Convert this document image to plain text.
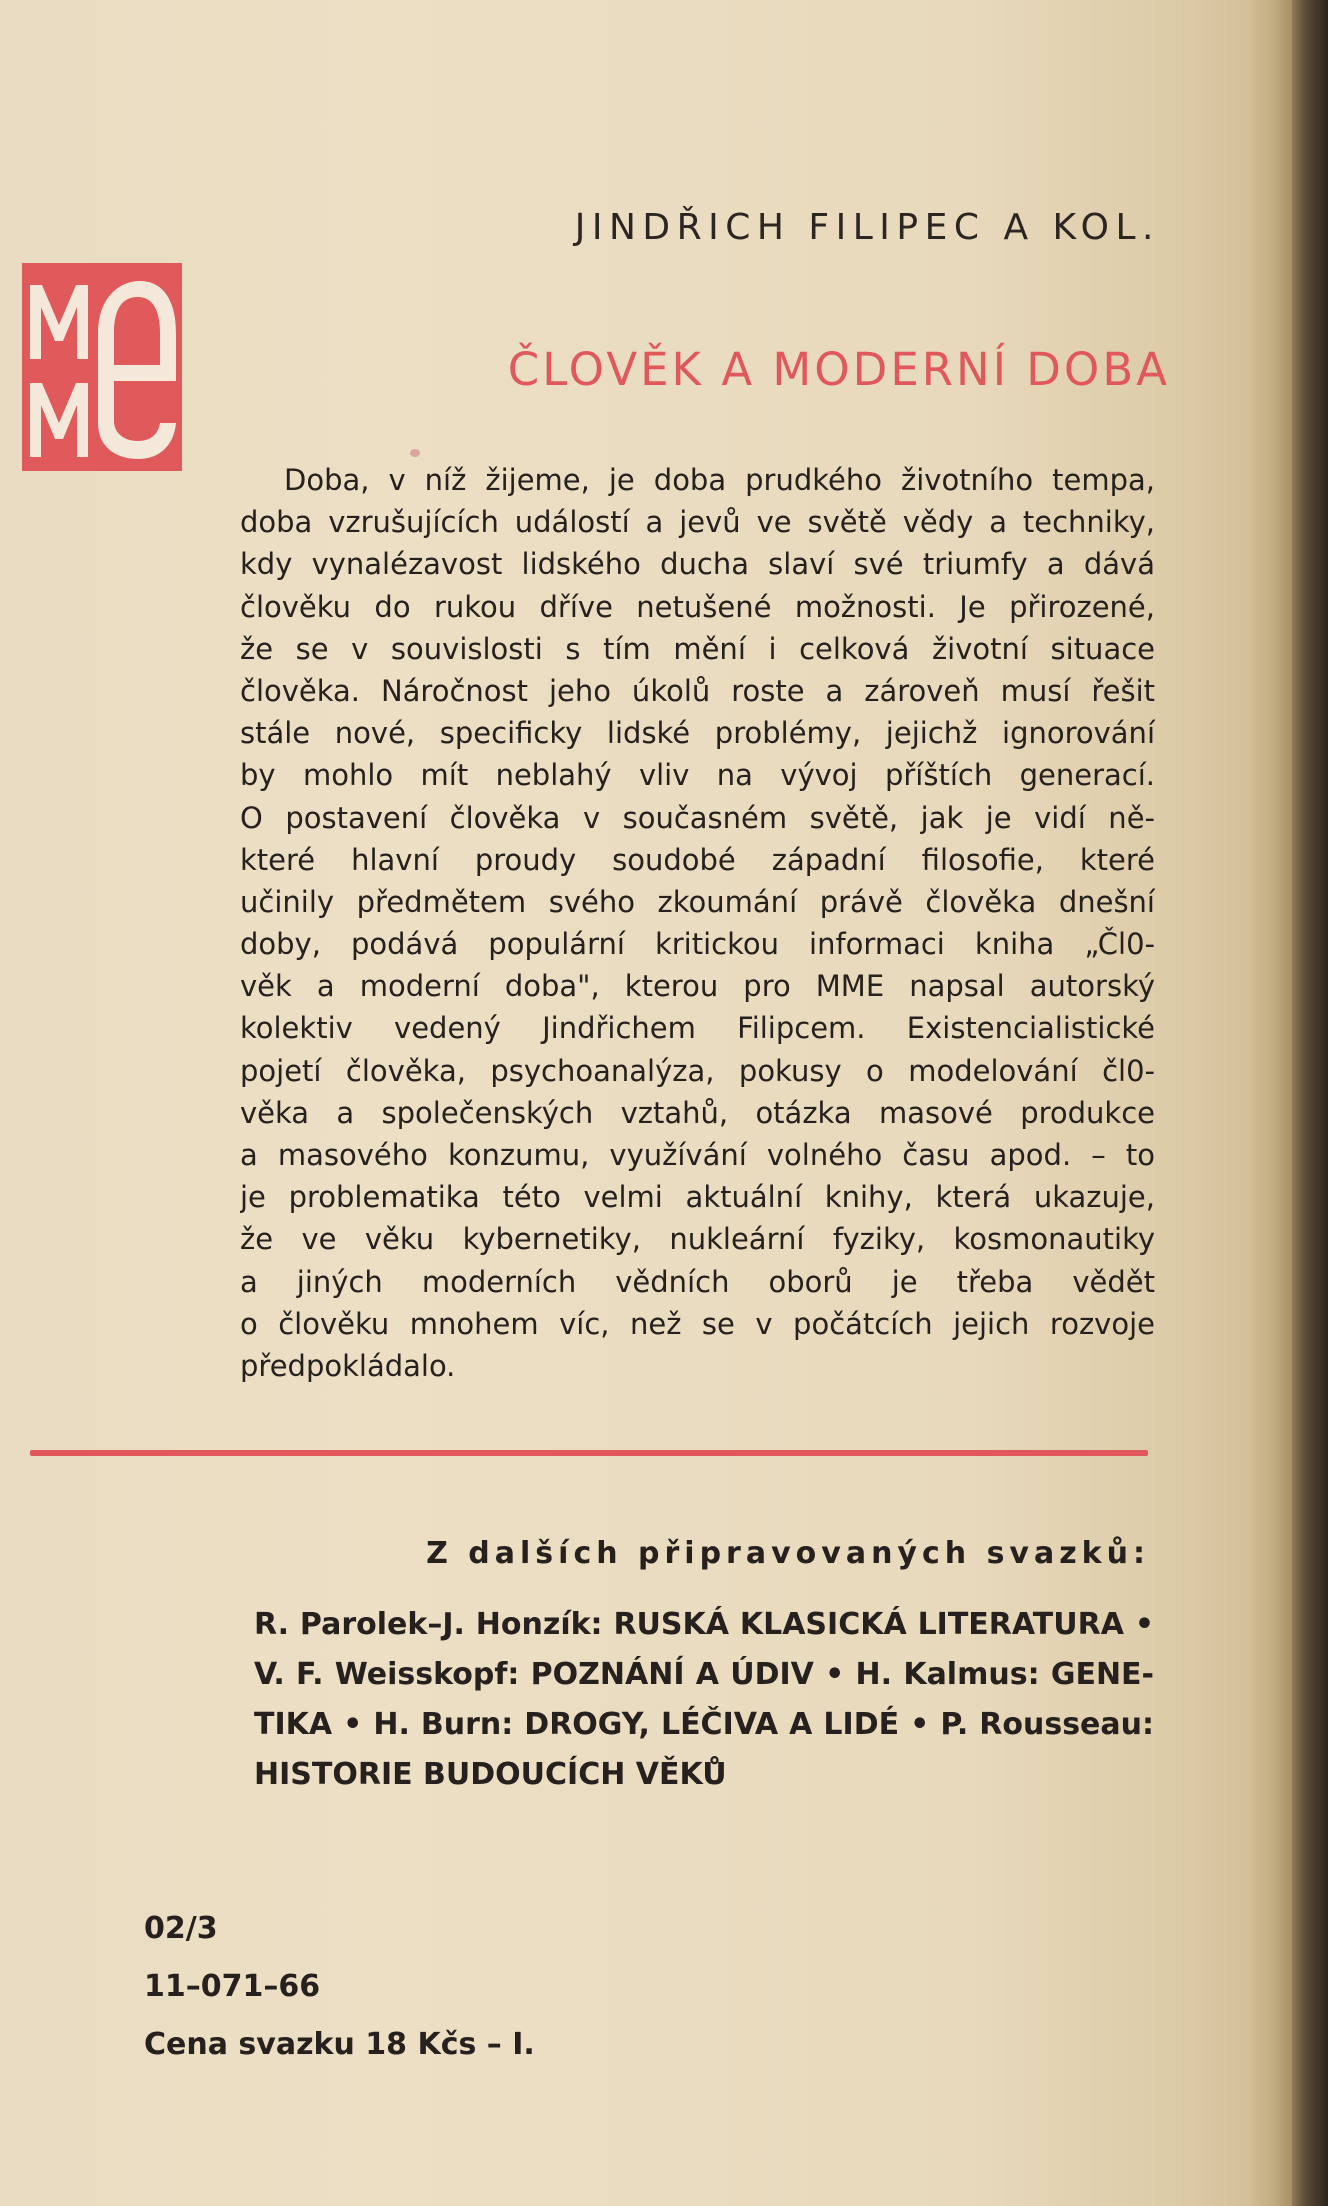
JINDŘICH FILIPEC A KOL.
ČLOVĚK A MODERNÍ DOBA
Doba, v níž žijeme, je doba prudkého životního tempa,
doba vzrušujících událostí a jevů ve světě vědy a techniky,
kdy vynalézavost lidského ducha slaví své triumfy a dává
člověku do rukou dříve netušené možnosti. Je přirozené,
že se v souvislosti s tím mění i celková životní situace
člověka. Náročnost jeho úkolů roste a zároveň musí řešit
stále nové, specificky lidské problémy, jejichž ignorování
by mohlo mít neblahý vliv na vývoj příštích generací.
O postavení člověka v současném světě, jak je vidí ně-
které hlavní proudy soudobé západní filosofie, které
učinily předmětem svého zkoumání právě člověka dnešní
doby, podává populární kritickou informaci kniha „Čl0-
věk a moderní doba", kterou pro MME napsal autorský
kolektiv vedený Jindřichem Filipcem. Existencialistické
pojetí člověka, psychoanalýza, pokusy o modelování čl0-
věka a společenských vztahů, otázka masové produkce
a masového konzumu, využívání volného času apod. – to
je problematika této velmi aktuální knihy, která ukazuje,
že ve věku kybernetiky, nukleární fyziky, kosmonautiky
a jiných moderních vědních oborů je třeba vědět
o člověku mnohem víc, než se v počátcích jejich rozvoje
předpokládalo.
Z dalších připravovaných svazků:
R. Parolek–J. Honzík: RUSKÁ KLASICKÁ LITERATURA •
V. F. Weisskopf: POZNÁNÍ A ÚDIV • H. Kalmus: GENE-
TIKA • H. Burn: DROGY, LÉČIVA A LIDÉ • P. Rousseau:
HISTORIE BUDOUCÍCH VĚKŮ
02/3
11–071–66
Cena svazku 18 Kčs – I.
